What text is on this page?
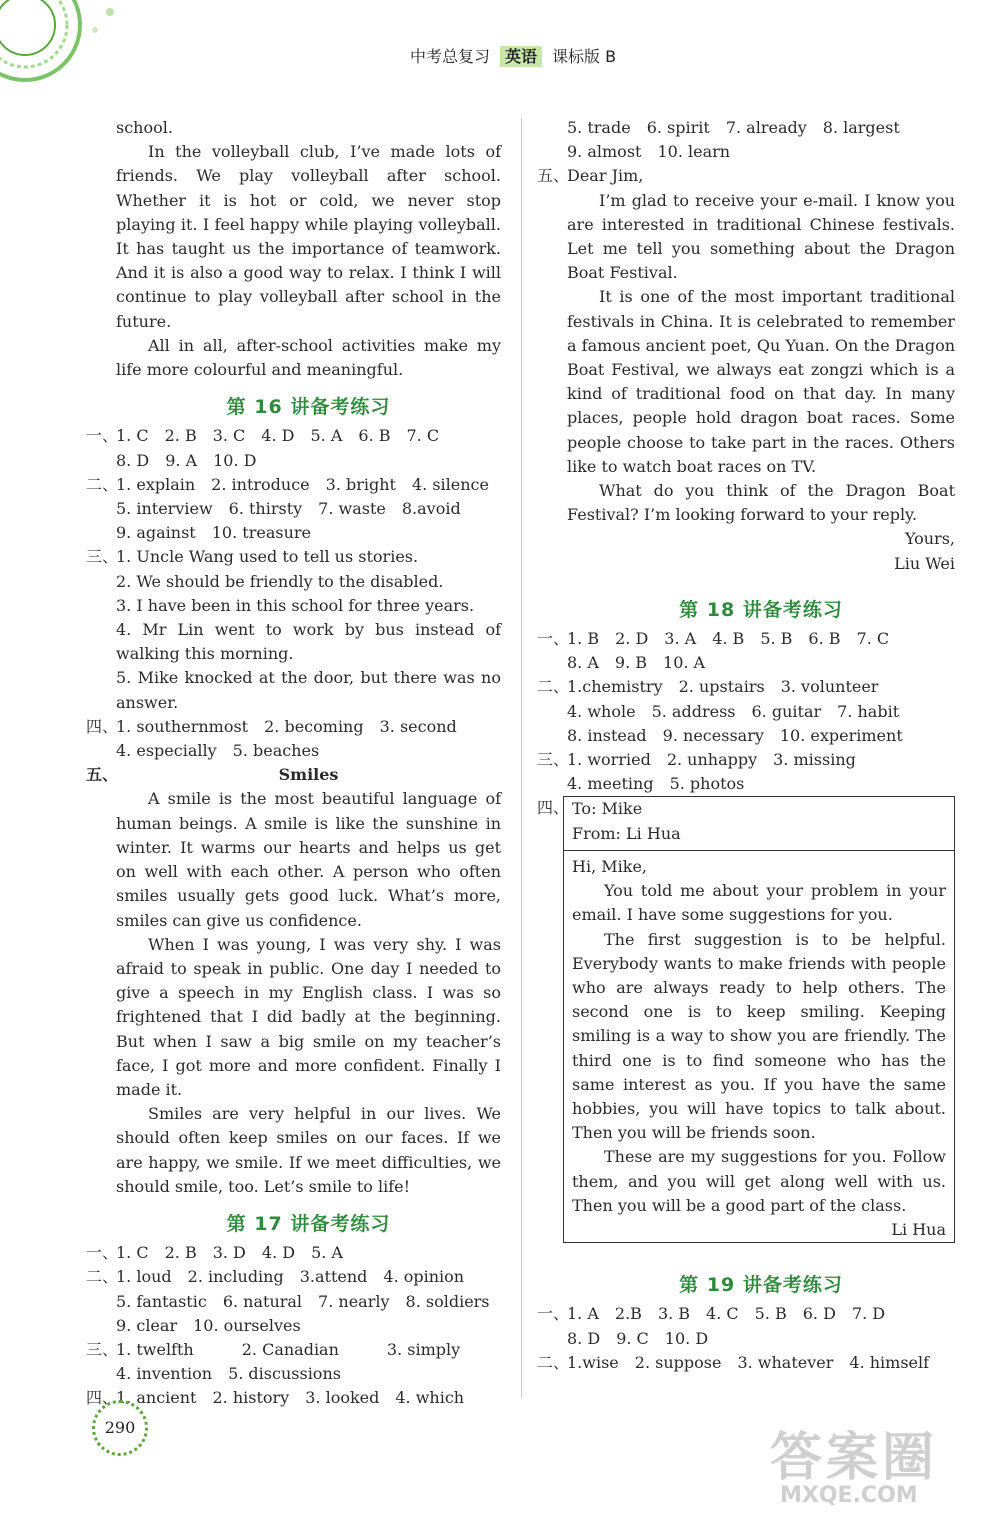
中考总复习 英语 课标版 B
school.
In the volleyball club, I’ve made lots of friends. We play volleyball after school. Whether it is hot or cold, we never stop playing it. I feel happy while playing volleyball. It has taught us the importance of teamwork. And it is also a good way to relax. I think I will continue to play volleyball after school in the future.
All in all, after-school activities make my life more colourful and meaningful.
第 16 讲备考练习
一、
1. C 2. B 3. C 4. D 5. A 6. B 7. C
8. D 9. A 10. D
二、
1. explain 2. introduce 3. bright 4. silence
5. interview 6. thirsty 7. waste 8.avoid
9. against 10. treasure
三、
1. Uncle Wang used to tell us stories.
2. We should be friendly to the disabled.
3. I have been in this school for three years.
4. Mr Lin went to work by bus instead of walking this morning.
5. Mike knocked at the door, but there was no answer.
四、
1. southernmost 2. becoming 3. second
4. especially 5. beaches
五、	Smiles
A smile is the most beautiful language of human beings. A smile is like the sunshine in winter. It warms our hearts and helps us get on well with each other. A person who often smiles usually gets good luck. What’s more, smiles can give us confidence.
When I was young, I was very shy. I was afraid to speak in public. One day I needed to give a speech in my English class. I was so frightened that I did badly at the beginning. But when I saw a big smile on my teacher’s face, I got more and more confident. Finally I made it.
Smiles are very helpful in our lives. We should often keep smiles on our faces. If we are happy, we smile. If we meet difficulties, we should smile, too. Let’s smile to life!
第 17 讲备考练习
一、
1. C 2. B 3. D 4. D 5. A
二、
1. loud 2. including 3.attend 4. opinion
5. fantastic 6. natural 7. nearly 8. soldiers
9. clear 10. ourselves
三、
1. twelfth	2. Canadian	3. simply
4. invention 5. discussions
四、
1. ancient 2. history 3. looked 4. which
5. trade 6. spirit 7. already 8. largest
9. almost 10. learn
五、
Dear Jim,
I’m glad to receive your e-mail. I know you are interested in traditional Chinese festivals. Let me tell you something about the Dragon Boat Festival.
It is one of the most important traditional festivals in China. It is celebrated to remember a famous ancient poet, Qu Yuan. On the Dragon Boat Festival, we always eat zongzi which is a kind of traditional food on that day. In many places, people hold dragon boat races. Some people choose to take part in the races. Others like to watch boat races on TV.
What do you think of the Dragon Boat Festival? I’m looking forward to your reply.
Yours,
Liu Wei
第 18 讲备考练习
一、
1. B 2. D 3. A 4. B 5. B 6. B 7. C
8. A 9. B 10. A
二、
1.chemistry 2. upstairs 3. volunteer
4. whole 5. address 6. guitar 7. habit
8. instead 9. necessary 10. experiment
三、
1. worried 2. unhappy 3. missing
4. meeting 5. photos
四、 To: Mike
From: Li Hua
Hi, Mike,
You told me about your problem in your email. I have some suggestions for you.
The first suggestion is to be helpful. Everybody wants to make friends with people who are always ready to help others. The second one is to keep smiling. Keeping smiling is a way to show you are friendly. The third one is to find someone who has the same interest as you. If you have the same hobbies, you will have topics to talk about. Then you will be friends soon.
These are my suggestions for you. Follow them, and you will get along well with us. Then you will be a good part of the class.
Li Hua
第 19 讲备考练习
一、
1. A 2.B 3. B 4. C 5. B 6. D 7. D
8. D 9. C 10. D
二、
1.wise 2. suppose 3. whatever 4. himself
290
答案圈
MXQE.COM
